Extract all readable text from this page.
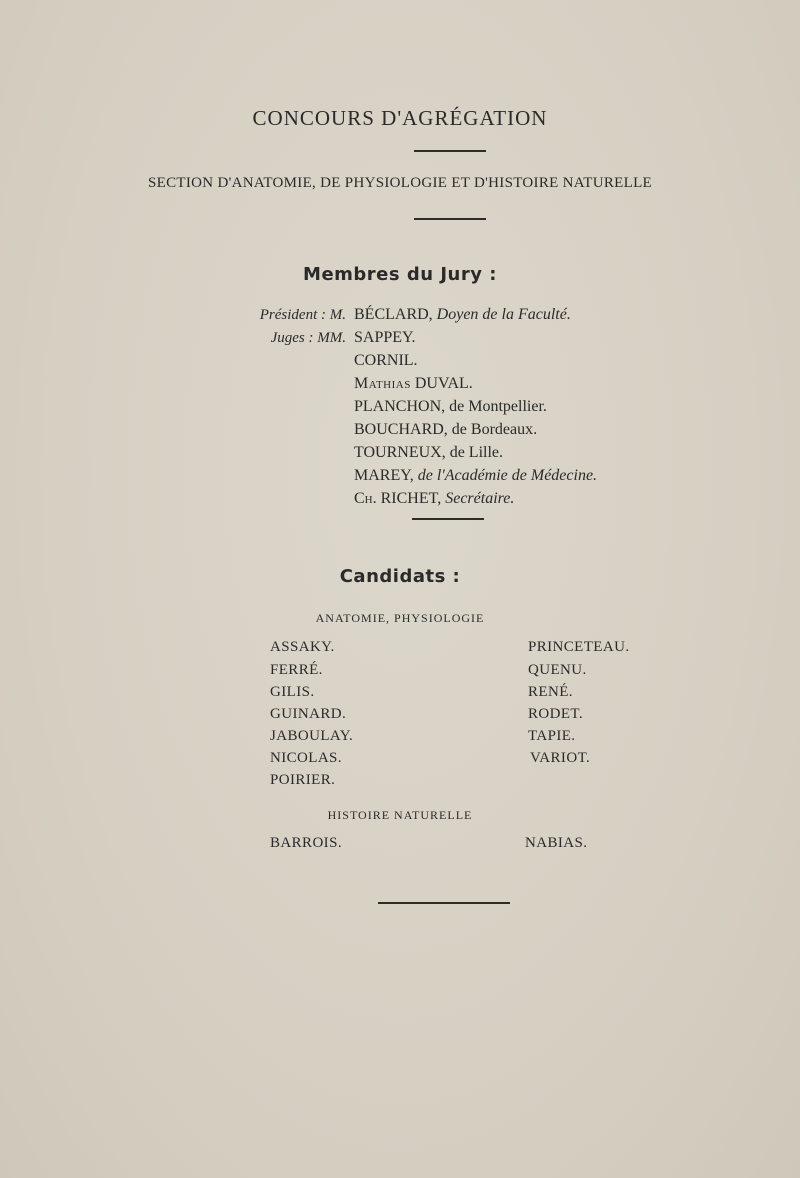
CONCOURS D'AGRÉGATION
SECTION D'ANATOMIE, DE PHYSIOLOGIE ET D'HISTOIRE NATURELLE
Membres du Jury :
Président : M. BÉCLARD, Doyen de la Faculté.
Juges : MM. SAPPEY.
CORNIL.
Mathias DUVAL.
PLANCHON, de Montpellier.
BOUCHARD, de Bordeaux.
TOURNEUX, de Lille.
MAREY, de l'Académie de Médecine.
Ch. RICHET, Secrétaire.
Candidats :
ANATOMIE, PHYSIOLOGIE
ASSAKY.
FERRÉ.
GILIS.
GUINARD.
JABOULAY.
NICOLAS.
POIRIER.
PRINCETEAU.
QUENU.
RENÉ.
RODET.
TAPIE.
VARIOT.
HISTOIRE NATURELLE
BARROIS.	NABIAS.
